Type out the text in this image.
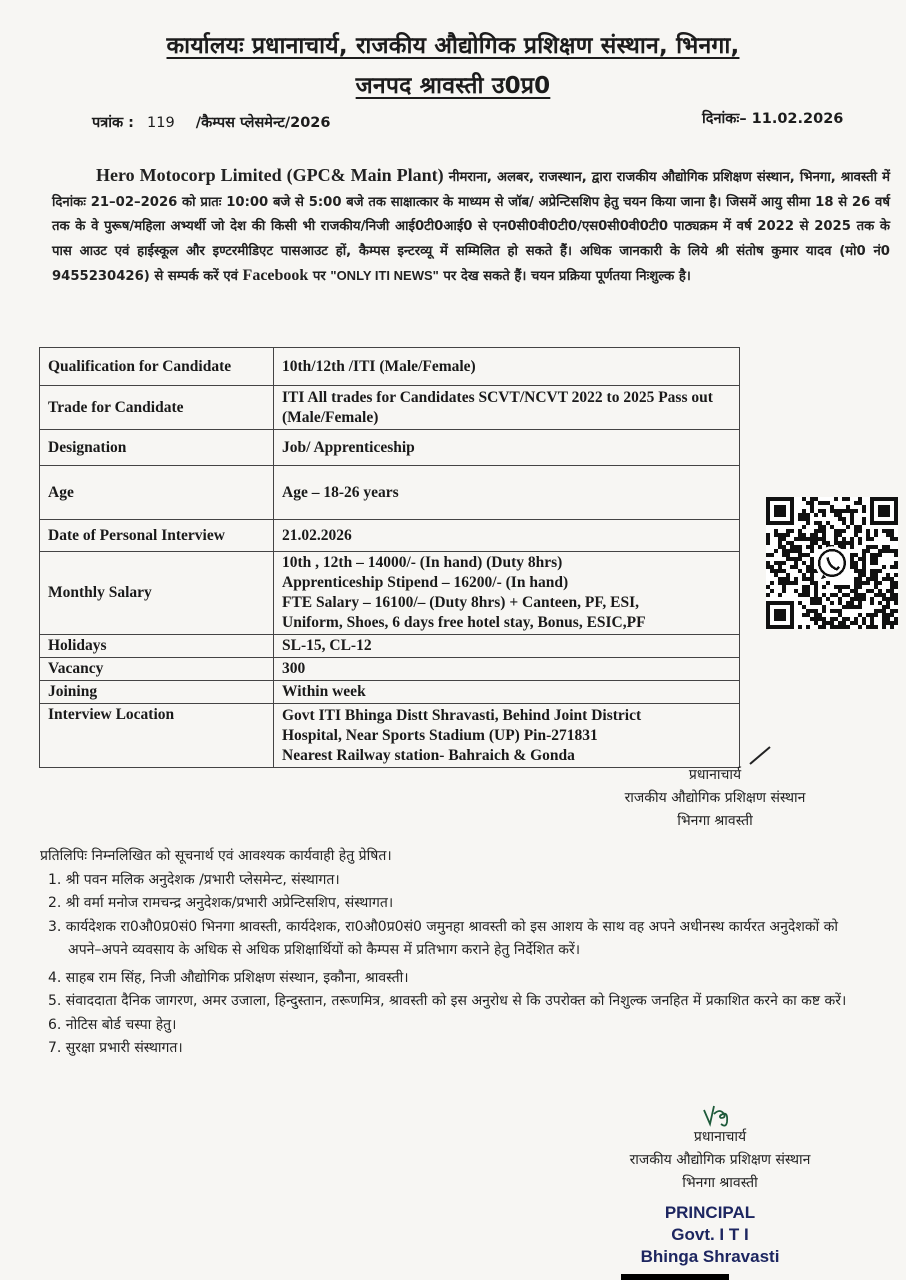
कार्यालयः प्रधानाचार्य, राजकीय औद्योगिक प्रशिक्षण संस्थान, भिनगा,
जनपद श्रावस्ती उ0प्र0
पत्रांक : 119 /कैम्पस प्लेसमेन्ट/2026	दिनांकः– 11.02.2026
Hero Motocorp Limited (GPC& Main Plant) नीमराना, अलबर, राजस्थान, द्वारा राजकीय औद्योगिक प्रशिक्षण संस्थान, भिनगा, श्रावस्ती में दिनांकः 21–02–2026 को प्रातः 10:00 बजे से 5:00 बजे तक साक्षात्कार के माध्यम से जॉब/ अप्रेन्टिसशिप हेतु चयन किया जाना है। जिसमें आयु सीमा 18 से 26 वर्ष तक के वे पुरूष/महिला अभ्यर्थी जो देश की किसी भी राजकीय/निजी आई0टी0आई0 से एन0सी0वी0टी0/एस0सी0वी0टी0 पाठ्यक्रम में वर्ष 2022 से 2025 तक के पास आउट एवं हाईस्कूल और इण्टरमीडिएट पासआउट हों, कैम्पस इन्टरव्यू में सम्मिलित हो सकते हैं। अधिक जानकारी के लिये श्री संतोष कुमार यादव (मो0 नं0 9455230426) से सम्पर्क करें एवं Facebook पर "ONLY ITI NEWS" पर देख सकते हैं। चयन प्रक्रिया पूर्णतया निःशुल्क है।
Qualification for Candidate	10th/12th /ITI (Male/Female)
Trade for Candidate	ITI All trades for Candidates SCVT/NCVT 2022 to 2025 Pass out (Male/Female)
Designation	Job/ Apprenticeship
Age	Age – 18-26 years
Date of Personal Interview	21.02.2026
Monthly Salary	10th , 12th – 14000/- (In hand) (Duty 8hrs)
Apprenticeship Stipend – 16200/- (In hand)
FTE Salary – 16100/– (Duty 8hrs) + Canteen, PF, ESI,
Uniform, Shoes, 6 days free hotel stay, Bonus, ESIC,PF

Holidays	SL-15, CL-12
Vacancy	300
Joining	Within week
Interview Location	Govt ITI Bhinga Distt Shravasti, Behind Joint District
Hospital, Near Sports Stadium (UP) Pin-271831
Nearest Railway station- Bahraich & Gonda
प्रधानाचार्य
राजकीय औद्योगिक प्रशिक्षण संस्थान
भिनगा श्रावस्ती
प्रतिलिपिः निम्नलिखित को सूचनार्थ एवं आवश्यक कार्यवाही हेतु प्रेषित।
1. श्री पवन मलिक अनुदेशक /प्रभारी प्लेसमेन्ट, संस्थागत।
2. श्री वर्मा मनोज रामचन्द्र अनुदेशक/प्रभारी अप्रेन्टिसशिप, संस्थागत।
3. कार्यदेशक रा0औ0प्र0सं0 भिनगा श्रावस्ती, कार्यदेशक, रा0औ0प्र0सं0 जमुनहा श्रावस्ती को इस आशय के साथ वह अपने अधीनस्थ कार्यरत अनुदेशकों को अपने–अपने व्यवसाय के अधिक से अधिक प्रशिक्षार्थियों को कैम्पस में प्रतिभाग कराने हेतु निर्देशित करें।
4. साहब राम सिंह, निजी औद्योगिक प्रशिक्षण संस्थान, इकौना, श्रावस्ती।
5. संवाददाता दैनिक जागरण, अमर उजाला, हिन्दुस्तान, तरूणमित्र, श्रावस्ती को इस अनुरोध से कि उपरोक्त को निशुल्क जनहित में प्रकाशित करने का कष्ट करें।
6. नोटिस बोर्ड चस्पा हेतु।
7. सुरक्षा प्रभारी संस्थागत।
प्रधानाचार्य
राजकीय औद्योगिक प्रशिक्षण संस्थान
भिनगा श्रावस्ती
PRINCIPAL
Govt. I T I
Bhinga Shravasti
